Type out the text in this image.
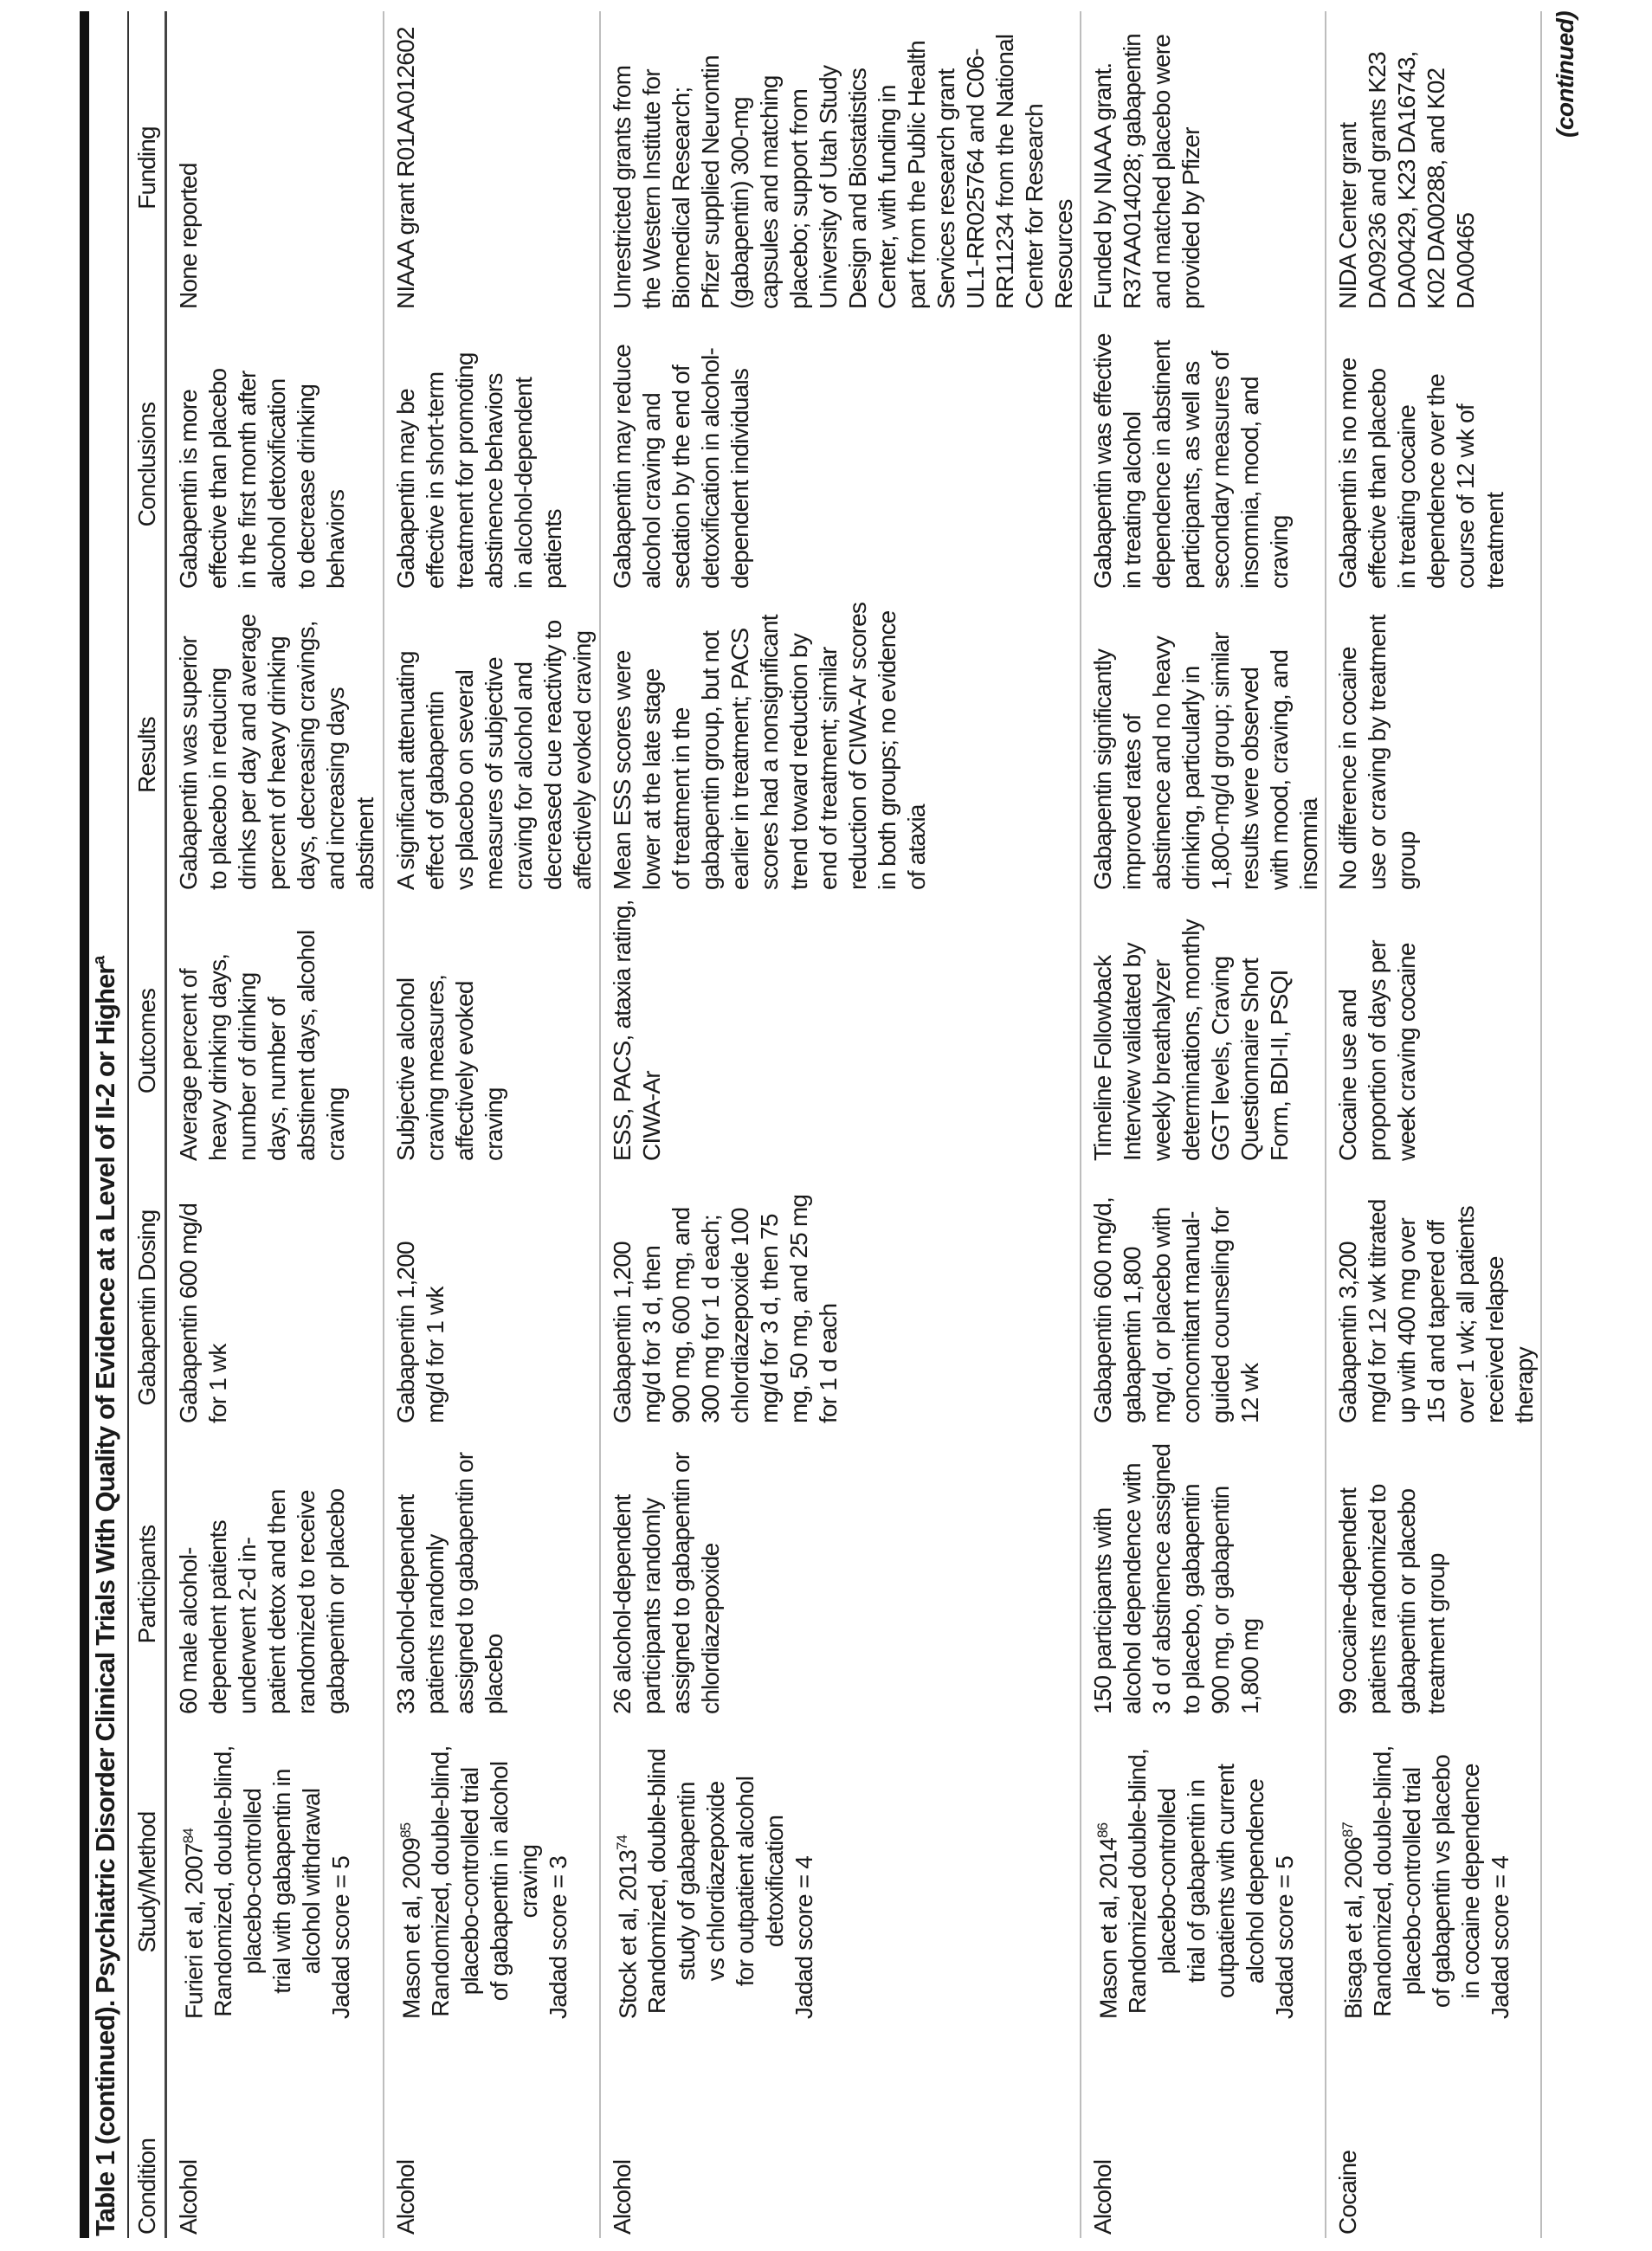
Table 1 (continued). Psychiatric Disorder Clinical Trials With Quality of Evidence at a Level of II-2 or Higher$^a$
Condition
Study/Method
Participants
Gabapentin Dosing
Outcomes
Results
Conclusions
Funding
Alcohol
Furieri et al, 2007$^{84}$

Randomized, double-blind,
placebo-controlled
trial with gabapentin in
alcohol withdrawal
Jadad score = 5
60 male alcohol-
dependent patients
underwent 2-d in-
patient detox and then
randomized to receive
gabapentin or placebo
Gabapentin 600 mg/d
for 1 wk
Average percent of
heavy drinking days,
number of drinking
days, number of
abstinent days, alcohol
craving
Gabapentin was superior
to placebo in reducing
drinks per day and average
percent of heavy drinking
days, decreasing cravings,
and increasing days
abstinent
Gabapentin is more
effective than placebo
in the first month after
alcohol detoxification
to decrease drinking
behaviors
None reported
Alcohol
Mason et al, 2009$^{85}$

Randomized, double-blind,
placebo-controlled trial
of gabapentin in alcohol
craving Jadad score = 3
33 alcohol-dependent
patients randomly
assigned to gabapentin or
placebo
Gabapentin 1,200
mg/d for 1 wk
Subjective alcohol
craving measures,
affectively evoked
craving
A significant attenuating
effect of gabapentin
vs placebo on several
measures of subjective
craving for alcohol and
decreased cue reactivity to
affectively evoked craving
Gabapentin may be
effective in short-term
treatment for promoting
abstinence behaviors
in alcohol-dependent
patients
NIAAA grant R01AA012602
Alcohol
Stock et al, 2013$^{74}$

Randomized, double-blind
study of gabapentin
vs chlordiazepoxide
for outpatient alcohol
detoxification Jadad score = 4
26 alcohol-dependent
participants randomly
assigned to gabapentin or
chlordiazepoxide
Gabapentin 1,200
mg/d for 3 d, then
900 mg, 600 mg, and
300 mg for 1 d each;
chlordiazepoxide 100
mg/d for 3 d, then 75
mg, 50 mg, and 25 mg
for 1 d each
ESS, PACS, ataxia rating,
CIWA-Ar
Mean ESS scores were
lower at the late stage
of treatment in the
gabapentin group, but not
earlier in treatment; PACS
scores had a nonsignificant
trend toward reduction by
end of treatment; similar
reduction of CIWA-Ar scores
in both groups; no evidence
of ataxia
Gabapentin may reduce
alcohol craving and
sedation by the end of
detoxification in alcohol-
dependent individuals
Unrestricted grants from
the Western Institute for
Biomedical Research;
Pfizer supplied Neurontin
(gabapentin) 300-mg
capsules and matching
placebo; support from
University of Utah Study
Design and Biostatistics
Center, with funding in
part from the Public Health
Services research grant
UL1-RR025764 and C06-
RR11234 from the National
Center for Research
Resources
Alcohol
Mason et al, 2014$^{86}$

Randomized double-blind,
placebo-controlled
trial of gabapentin in
outpatients with current
alcohol dependence
Jadad score = 5
150 participants with
alcohol dependence with
3 d of abstinence assigned
to placebo, gabapentin
900 mg, or gabapentin
1,800 mg
Gabapentin 600 mg/d,
gabapentin 1,800
mg/d, or placebo with
concomitant manual-
guided counseling for
12 wk
Timeline Followback
Interview validated by
weekly breathalyzer
determinations, monthly
GGT levels, Craving
Questionnaire Short
Form, BDI-II, PSQI
Gabapentin significantly
improved rates of
abstinence and no heavy
drinking, particularly in
1,800-mg/d group; similar
results were observed
with mood, craving, and
insomnia
Gabapentin was effective
in treating alcohol
dependence in abstinent
participants, as well as
secondary measures of
insomnia, mood, and
craving
Funded by NIAAA grant.
R37AA014028; gabapentin
and matched placebo were
provided by Pfizer
Cocaine
Bisaga et al, 2006$^{87}$

Randomized, double-blind,
placebo-controlled trial
of gabapentin vs placebo
in cocaine dependence
Jadad score = 4
99 cocaine-dependent
patients randomized to
gabapentin or placebo
treatment group
Gabapentin 3,200
mg/d for 12 wk titrated
up with 400 mg over
15 d and tapered off
over 1 wk; all patients
received relapse
therapy
Cocaine use and
proportion of days per
week craving cocaine
No difference in cocaine
use or craving by treatment
group
Gabapentin is no more
effective than placebo
in treating cocaine
dependence over the
course of 12 wk of
treatment
NIDA Center grant
DA09236 and grants K23
DA00429, K23 DA16743,
K02 DA00288, and K02
DA00465
(continued)
